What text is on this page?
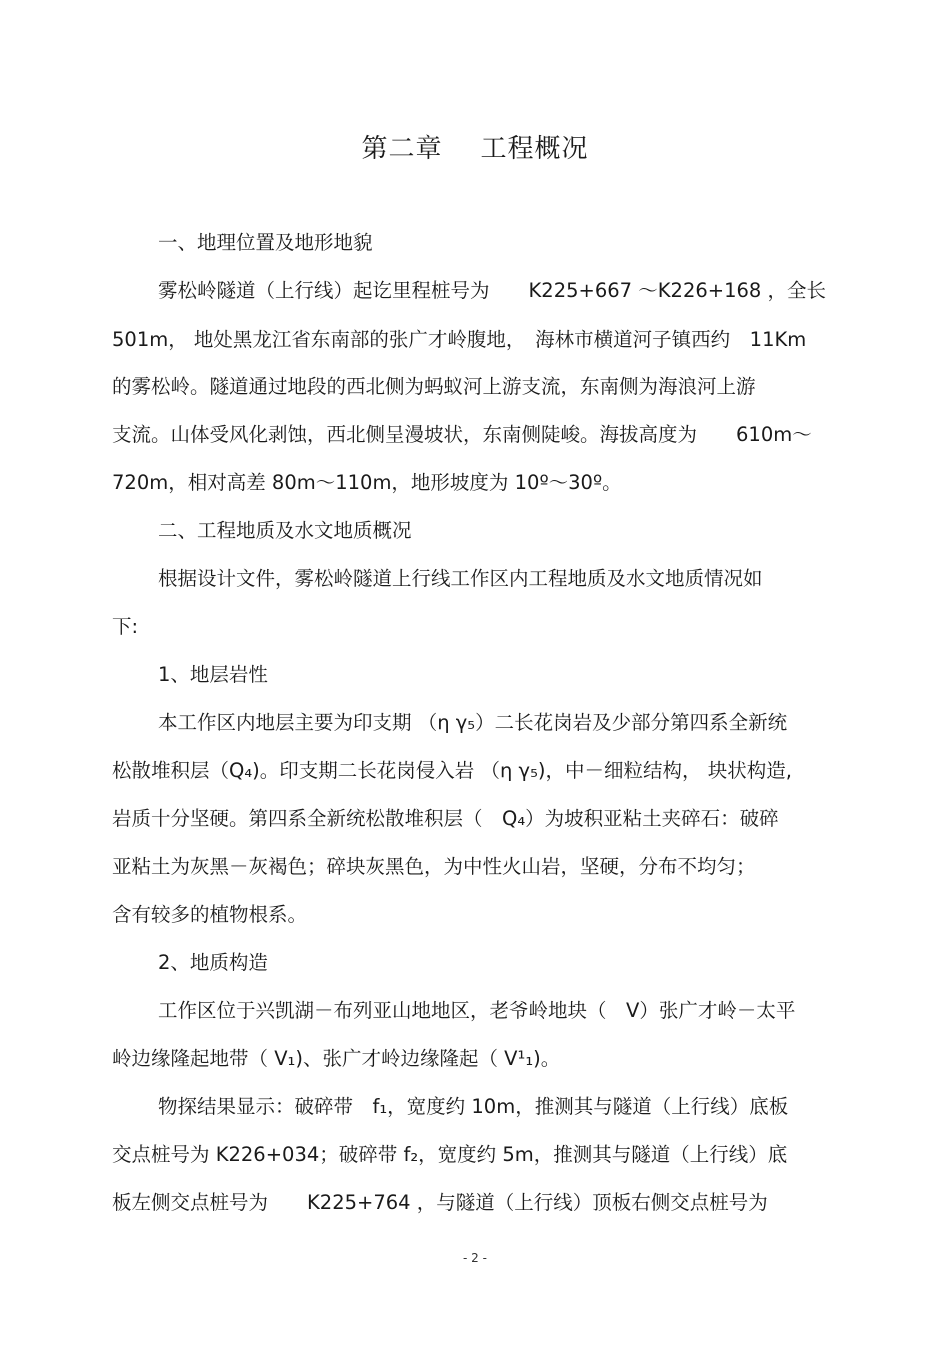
第二章 工程概况
一、地理位置及地形地貌
雾松岭隧道（上行线）起讫里程桩号为　　K225+667 ～K226+168 ，全长
501m， 地处黑龙江省东南部的张广才岭腹地，　海林市横道河子镇西约　11Km
的雾松岭。隧道通过地段的西北侧为蚂蚁河上游支流，东南侧为海浪河上游
支流。山体受风化剥蚀，西北侧呈漫坡状，东南侧陡峻。海拔高度为　　610m～
720m，相对高差 80m～110m，地形坡度为 10º～30º。
二、工程地质及水文地质概况
根据设计文件，雾松岭隧道上行线工作区内工程地质及水文地质情况如
下:
1、地层岩性
本工作区内地层主要为印支期 （η γ₅）二长花岗岩及少部分第四系全新统
松散堆积层（Q₄)。印支期二长花岗侵入岩 （η γ₅)，中－细粒结构， 块状构造,
岩质十分坚硬。第四系全新统松散堆积层（　Q₄）为坡积亚粘土夹碎石：破碎
亚粘土为灰黑－灰褐色；碎块灰黑色，为中性火山岩，坚硬，分布不均匀；
含有较多的植物根系。
2、地质构造
工作区位于兴凯湖－布列亚山地地区，老爷岭地块（　V）张广才岭－太平
岭边缘隆起地带（ V₁)、张广才岭边缘隆起（ V¹₁)。
物探结果显示：破碎带　f₁，宽度约 10m，推测其与隧道（上行线）底板
交点桩号为 K226+034；破碎带 f₂，宽度约 5m，推测其与隧道（上行线）底
板左侧交点桩号为　　K225+764 ，与隧道（上行线）顶板右侧交点桩号为
- 2 -
